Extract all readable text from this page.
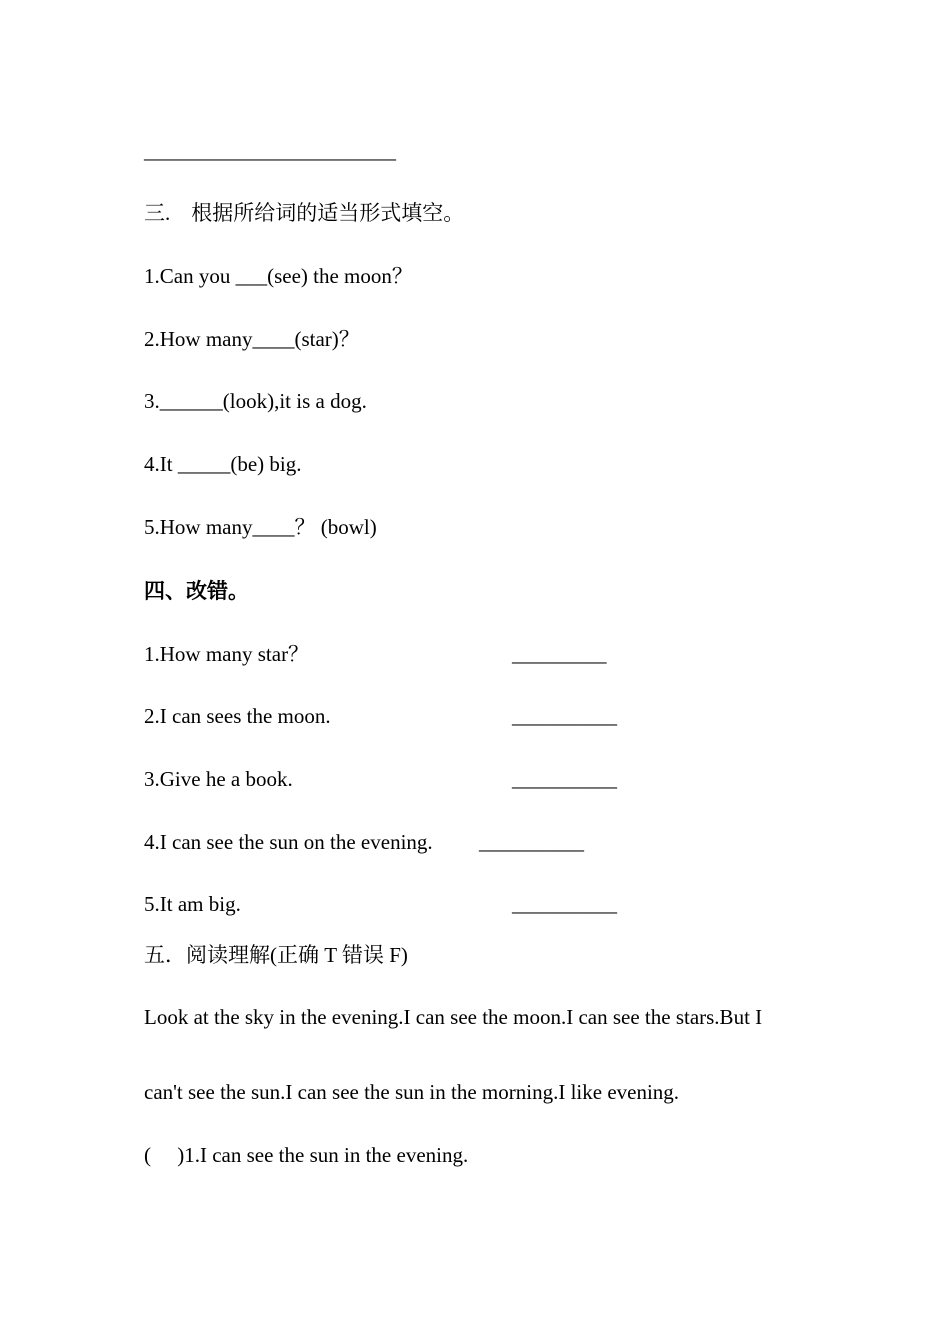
________________________
三.　根据所给词的适当形式填空。
1.Can you ___(see) the moon？
2.How many____(star)？
3.______(look),it is a dog.
4.It _____(be) big.
5.How many____？ (bowl)
四、改错。
1.How many star？	_________
2.I can sees the moon.	__________
3.Give he a book.	__________
4.I can see the sun on the evening. __________
5.It am big.	__________
五．阅读理解(正确 T 错误 F)
Look at the sky in the evening.I can see the moon.I can see the stars.But I
can't see the sun.I can see the sun in the morning.I like evening.
(     )1.I can see the sun in the evening.
